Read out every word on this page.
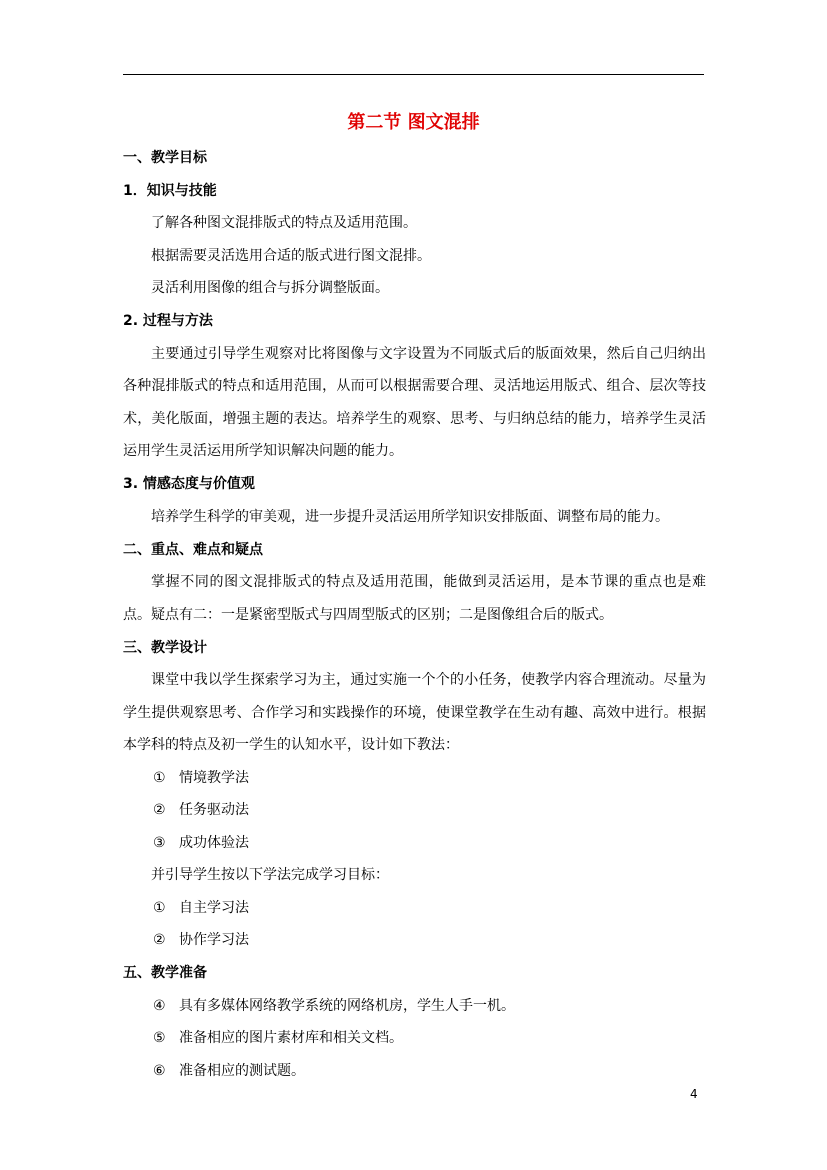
第二节 图文混排

一、教学目标

1．知识与技能

了解各种图文混排版式的特点及适用范围。

根据需要灵活选用合适的版式进行图文混排。

灵活利用图像的组合与拆分调整版面。

2. 过程与方法

主要通过引导学生观察对比将图像与文字设置为不同版式后的版面效果，然后自己归纳出各种混排版式的特点和适用范围，从而可以根据需要合理、灵活地运用版式、组合、层次等技术，美化版面，增强主题的表达。培养学生的观察、思考、与归纳总结的能力，培养学生灵活运用学生灵活运用所学知识解决问题的能力。

3. 情感态度与价值观

培养学生科学的审美观，进一步提升灵活运用所学知识安排版面、调整布局的能力。

二、重点、难点和疑点

掌握不同的图文混排版式的特点及适用范围，能做到灵活运用，是本节课的重点也是难点。疑点有二：一是紧密型版式与四周型版式的区别；二是图像组合后的版式。

三、教学设计

课堂中我以学生探索学习为主，通过实施一个个的小任务，使教学内容合理流动。尽量为学生提供观察思考、合作学习和实践操作的环境，使课堂教学在生动有趣、高效中进行。根据本学科的特点及初一学生的认知水平，设计如下教法：

① 情境教学法
② 任务驱动法
③ 成功体验法

并引导学生按以下学法完成学习目标：

① 自主学习法
② 协作学习法

五、教学准备

④ 具有多媒体网络教学系统的网络机房，学生人手一机。
⑤ 准备相应的图片素材库和相关文档。
⑥ 准备相应的测试题。
4
